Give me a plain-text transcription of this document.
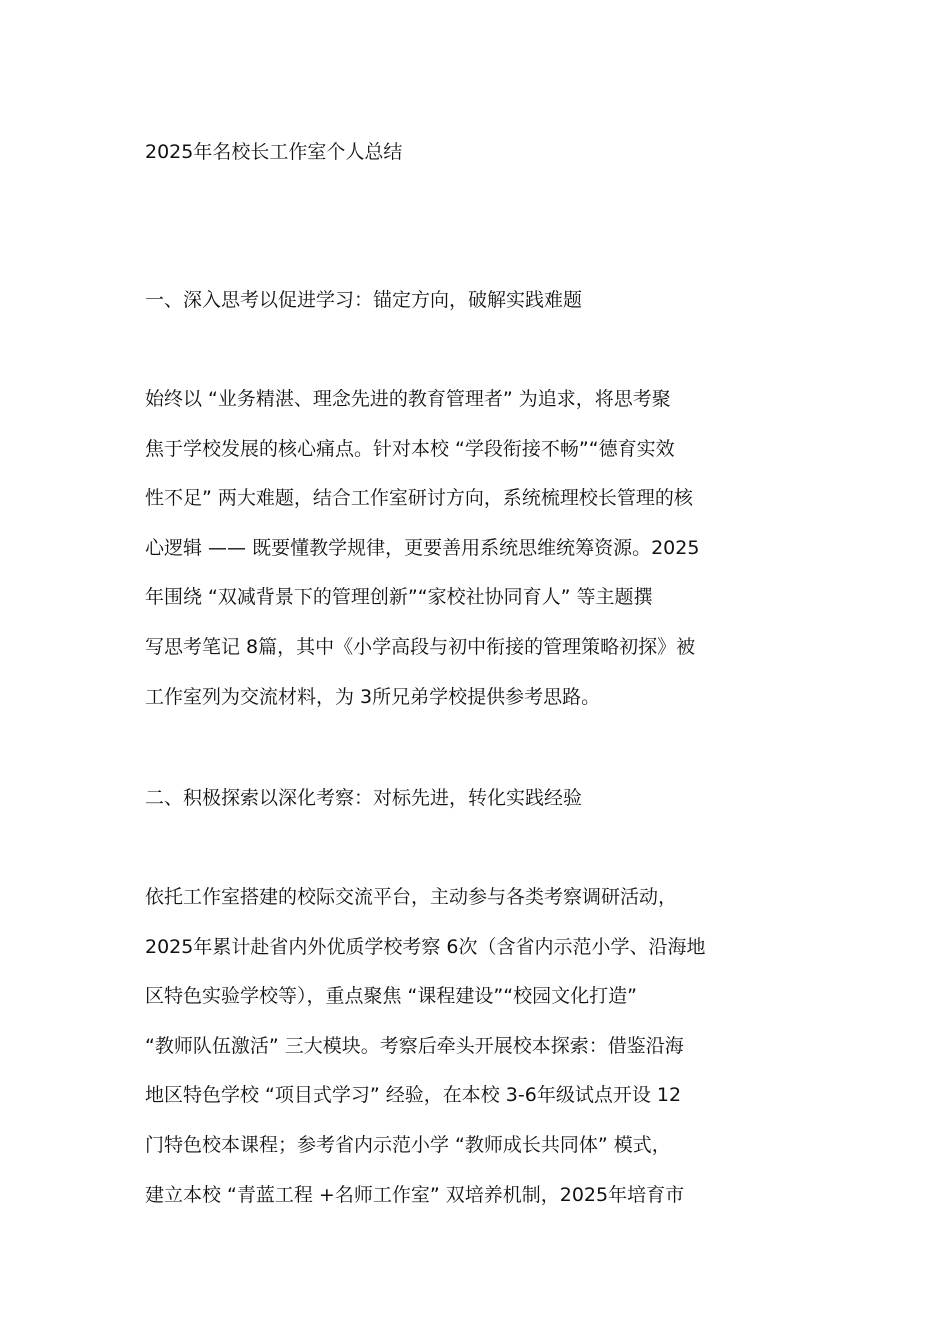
2025年名校长工作室个人总结
一、深入思考以促进学习：锚定方向，破解实践难题
始终以 “业务精湛、理念先进的教育管理者” 为追求，将思考聚
焦于学校发展的核心痛点。针对本校 “学段衔接不畅”“德育实效
性不足” 两大难题，结合工作室研讨方向，系统梳理校长管理的核
心逻辑 —— 既要懂教学规律，更要善用系统思维统筹资源。2025
年围绕 “双减背景下的管理创新”“家校社协同育人” 等主题撰
写思考笔记 8篇，其中《小学高段与初中衔接的管理策略初探》被
工作室列为交流材料，为 3所兄弟学校提供参考思路。
二、积极探索以深化考察：对标先进，转化实践经验
依托工作室搭建的校际交流平台，主动参与各类考察调研活动，
2025年累计赴省内外优质学校考察 6次（含省内示范小学、沿海地
区特色实验学校等），重点聚焦 “课程建设”“校园文化打造”
“教师队伍激活” 三大模块。考察后牵头开展校本探索：借鉴沿海
地区特色学校 “项目式学习” 经验，在本校 3-6年级试点开设 12
门特色校本课程；参考省内示范小学 “教师成长共同体” 模式，
建立本校 “青蓝工程 +名师工作室” 双培养机制，2025年培育市
